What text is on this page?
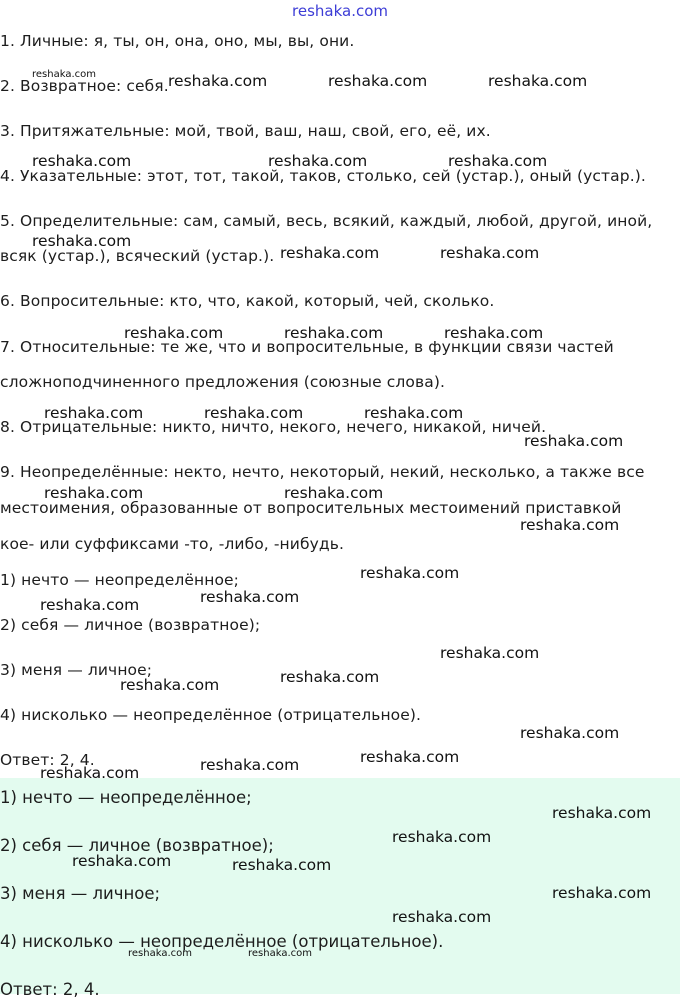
reshaka.com
1. Личные: я, ты, он, она, оно, мы, вы, они.
2. Возвратное: себя.
3. Притяжательные: мой, твой, ваш, наш, свой, его, её, их.
4. Указательные: этот, тот, такой, таков, столько, сей (устар.), оный (устар.).
5. Определительные: сам, самый, весь, всякий, каждый, любой, другой, иной,
всяк (устар.), всяческий (устар.).
6. Вопросительные: кто, что, какой, который, чей, сколько.
7. Относительные: те же, что и вопросительные, в функции связи частей
сложноподчиненного предложения (союзные слова).
8. Отрицательные: никто, ничто, некого, нечего, никакой, ничей.
9. Неопределённые: некто, нечто, некоторый, некий, несколько, а также все
местоимения, образованные от вопросительных местоимений приставкой
кое- или суффиксами -то, -либо, -нибудь.
1) нечто — неопределённое;
2) себя — личное (возвратное);
3) меня — личное;
4) нисколько — неопределённое (отрицательное).
Ответ: 2, 4.
1) нечто — неопределённое;
2) себя — личное (возвратное);
3) меня — личное;
4) нисколько — неопределённое (отрицательное).
Ответ: 2, 4.
reshaka.com	reshaka.com	reshaka.com	reshaka.com
reshaka.com	reshaka.com	reshaka.com
reshaka.com
reshaka.com	reshaka.com
reshaka.com	reshaka.com	reshaka.com
reshaka.com	reshaka.com	reshaka.com
reshaka.com
reshaka.com	reshaka.com
reshaka.com
reshaka.com
reshaka.com
reshaka.com
reshaka.com
reshaka.com
reshaka.com
reshaka.com
reshaka.com
reshaka.com
reshaka.com
reshaka.com
reshaka.com
reshaka.com	reshaka.com
reshaka.com
reshaka.com
reshaka.com	reshaka.com
